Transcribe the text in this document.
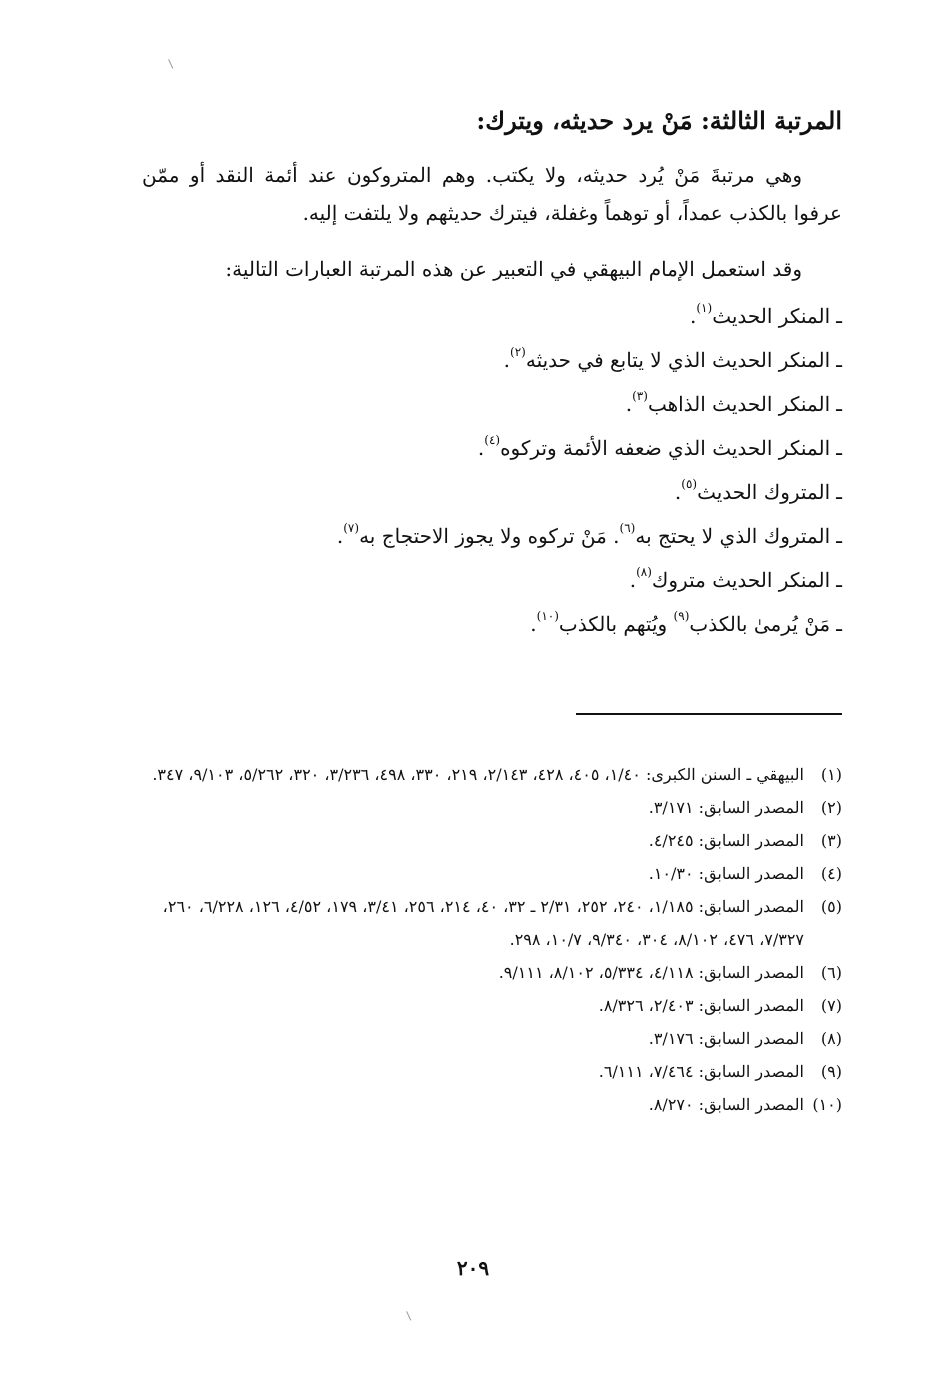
المرتبة الثالثة: مَنْ يرد حديثه، ويترك:

وهي مرتبةَ مَنْ يُرد حديثه، ولا يكتب. وهم المتروكون عند أئمة النقد أو ممّن عرفوا بالكذب عمداً، أو توهماً وغفلة، فيترك حديثهم ولا يلتفت إليه.

وقد استعمل الإمام البيهقي في التعبير عن هذه المرتبة العبارات التالية:

ـالمنكر الحديث$^{(١)}$.
ـالمنكر الحديث الذي لا يتابع في حديثه$^{(٢)}$.
ـالمنكر الحديث الذاهب$^{(٣)}$.
ـالمنكر الحديث الذي ضعفه الأئمة وتركوه$^{(٤)}$.
ـالمتروك الحديث$^{(٥)}$.
ـالمتروك الذي لا يحتج به$^{(٦)}$. مَنْ تركوه ولا يجوز الاحتجاج به$^{(٧)}$.
ـالمنكر الحديث متروك$^{(٨)}$.
ـمَنْ يُرمىٰ بالكذب$^{(٩)}$ ويُتهم بالكذب$^{(١٠)}$.
(١)
البيهقي ـ السنن الكبرى: ١/٤٠، ٤٠٥، ٤٢٨، ٢/١٤٣، ٢١٩، ٣٣٠، ٤٩٨، ٣/٢٣٦، ٣٢٠، ٥/٢٦٢، ٩/١٠٣، ٣٤٧.
(٢)
المصدر السابق: ٣/١٧١.
(٣)
المصدر السابق: ٤/٢٤٥.
(٤)
المصدر السابق: ١٠/٣٠.
(٥)
المصدر السابق: ١/١٨٥، ٢٤٠، ٢٥٢، ٢/٣١ ـ ٣٢، ٤٠، ٢١٤، ٢٥٦، ٣/٤١، ١٧٩، ٤/٥٢، ١٢٦، ٦/٢٢٨، ٢٦٠، ٧/٣٢٧، ٤٧٦، ٨/١٠٢، ٣٠٤، ٩/٣٤٠، ١٠/٧، ٢٩٨.
(٦)
المصدر السابق: ٤/١١٨، ٥/٣٣٤، ٨/١٠٢، ٩/١١١.
(٧)
المصدر السابق: ٢/٤٠٣، ٨/٣٢٦.
(٨)
المصدر السابق: ٣/١٧٦.
(٩)
المصدر السابق: ٧/٤٦٤، ٦/١١١.
(١٠)
المصدر السابق: ٨/٢٧٠.
٢٠٩
